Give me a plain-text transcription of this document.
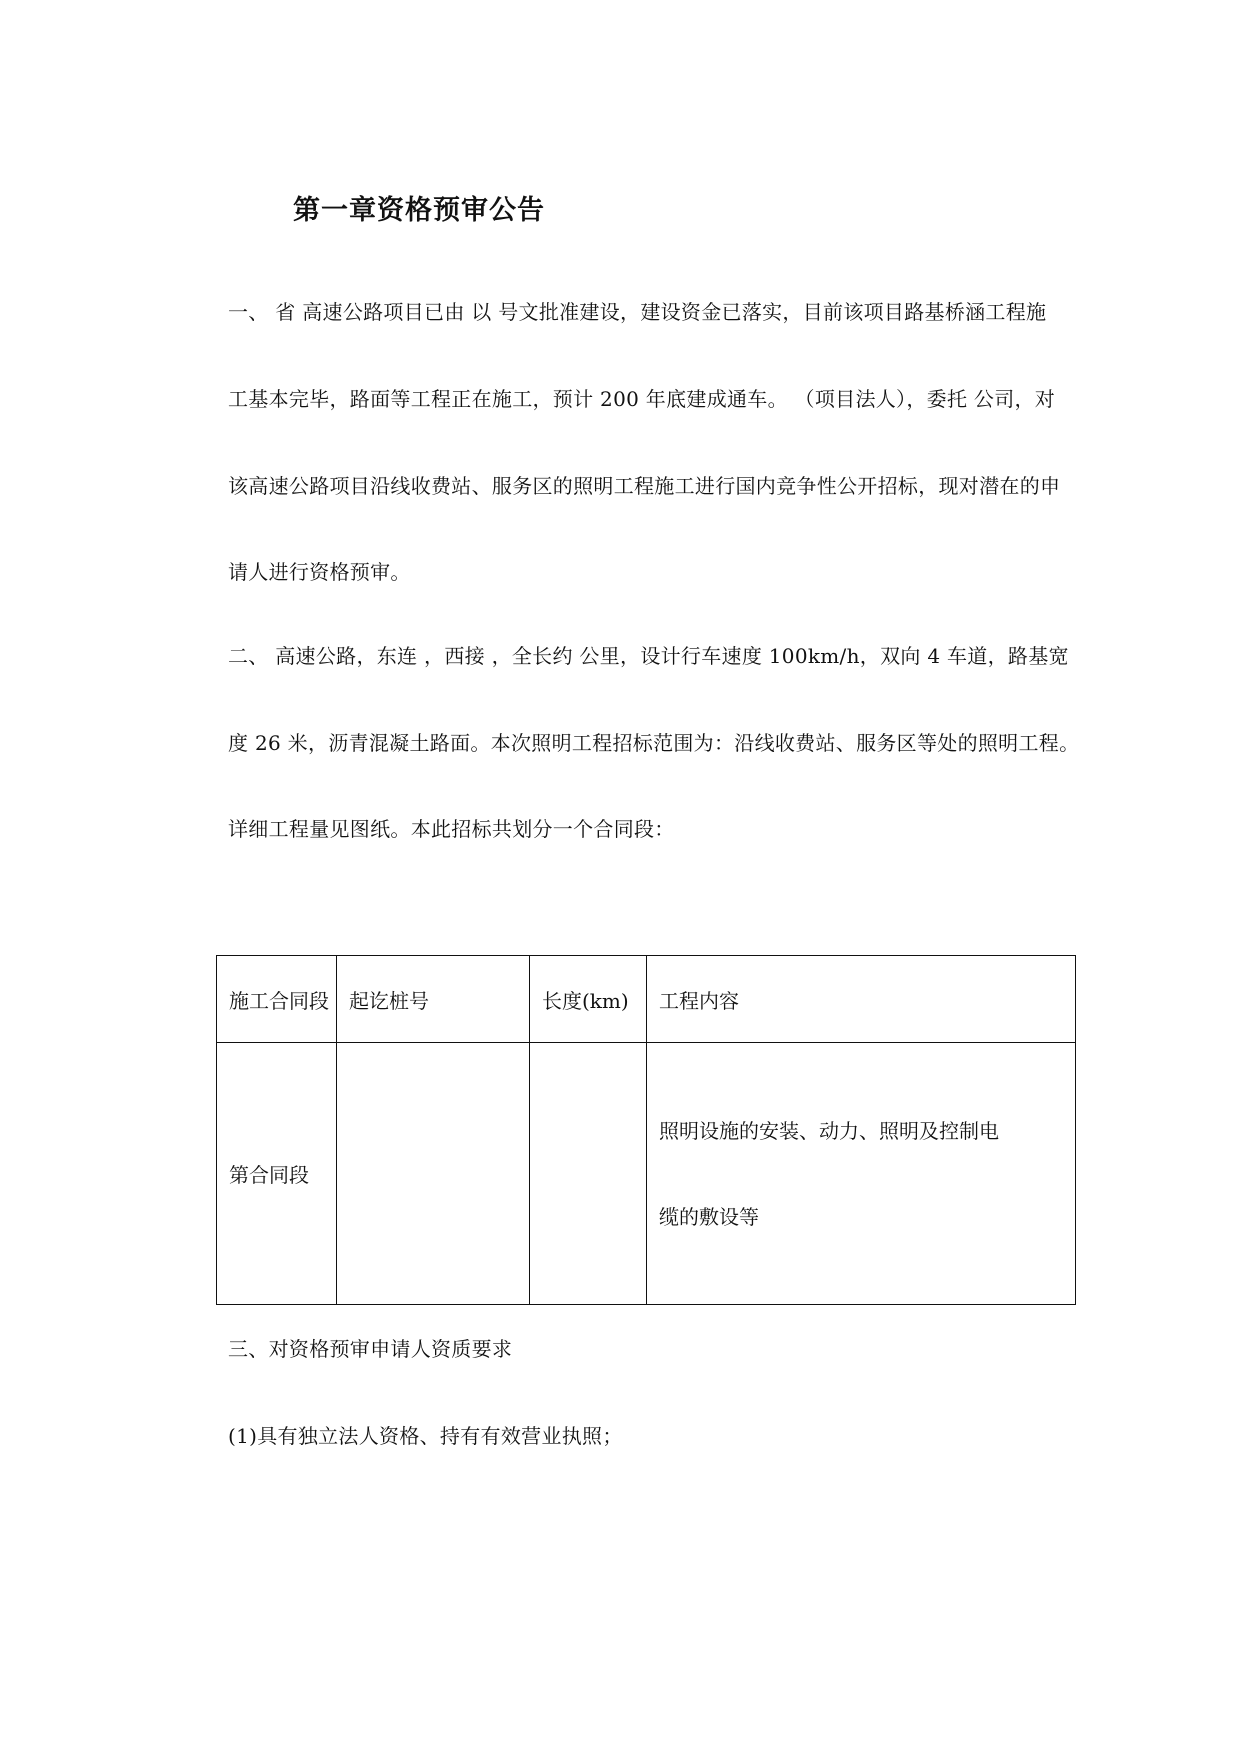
第一章资格预审公告
一、 省 高速公路项目已由 以 号文批准建设，建设资金已落实，目前该项目路基桥涵工程施
工基本完毕，路面等工程正在施工，预计 200 年底建成通车。 （项目法人），委托 公司，对
该高速公路项目沿线收费站、服务区的照明工程施工进行国内竞争性公开招标，现对潜在的申
请人进行资格预审。
二、 高速公路，东连 ，西接 ，全长约 公里，设计行车速度 100km/h，双向 4 车道，路基宽
度 26 米，沥青混凝土路面。本次照明工程招标范围为：沿线收费站、服务区等处的照明工程。
详细工程量见图纸。本此招标共划分一个合同段：
施工合同段	起讫桩号	长度(km)	工程内容
第合同段			照明设施的安装、动力、照明及控制电
缆的敷设等
三、对资格预审申请人资质要求
(1)具有独立法人资格、持有有效营业执照；
